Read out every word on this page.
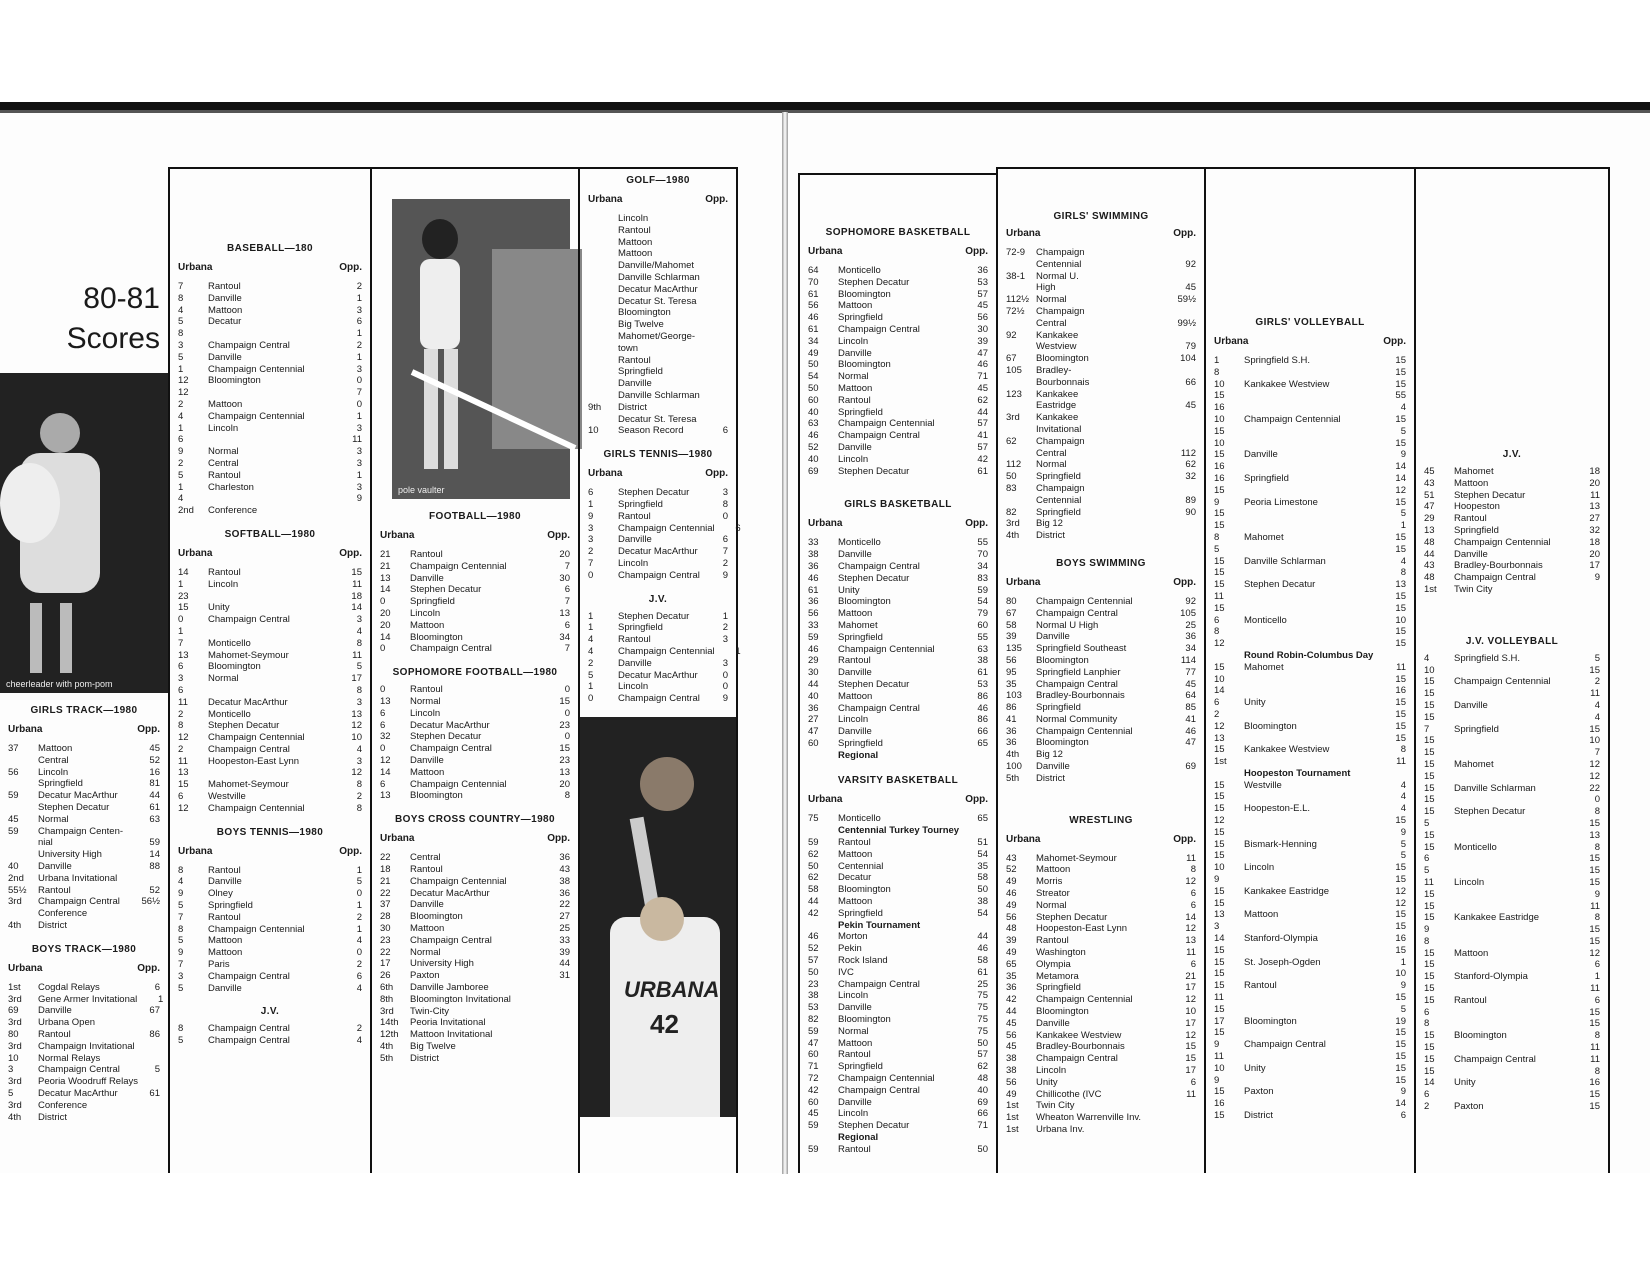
80-81
Scores
cheerleader with pom-pom
GIRLS TRACK—1980
Urbana	Opp.
37	Mattoon	45
Central	52
56	Lincoln	16
Springfield	81
59	Decatur MacArthur	44
Stephen Decatur	61
45	Normal	63
59	Champaign Centen-
nial	59
University High	14
40	Danville	88
2nd	Urbana Invitational
55½	Rantoul	52
3rd	Champaign Central	56½
Conference
4th	District
BOYS TRACK—1980
Urbana	Opp.
1st	Cogdal Relays	6
3rd	Gene Armer Invitational	1
69	Danville	67
3rd	Urbana Open
80	Rantoul	86
3rd	Champaign Invitational
10	Normal Relays
3	Champaign Central	5
3rd	Peoria Woodruff Relays
5	Decatur MacArthur	61
3rd	Conference
4th	District
BASEBALL—180
Urbana	Opp.
7	Rantoul	2
8	Danville	1
4	Mattoon	3
5	Decatur	6
8	1
3	Champaign Central	2
5	Danville	1
1	Champaign Centennial	3
12	Bloomington	0
12	7
2	Mattoon	0
4	Champaign Centennial	1
1	Lincoln	3
6	11
9	Normal	3
2	Central	3
5	Rantoul	1
1	Charleston	3
4	9
2nd	Conference
SOFTBALL—1980
Urbana	Opp.
14	Rantoul	15
1	Lincoln	11
23	18
15	Unity	14
0	Champaign Central	3
1	4
7	Monticello	8
13	Mahomet-Seymour	11
6	Bloomington	5
3	Normal	17
6	8
11	Decatur MacArthur	3
2	Monticello	13
8	Stephen Decatur	12
12	Champaign Centennial	10
2	Champaign Central	4
11	Hoopeston-East Lynn	3
13	12
15	Mahomet-Seymour	8
6	Westville	2
12	Champaign Centennial	8
BOYS TENNIS—1980
Urbana	Opp.
8	Rantoul	1
4	Danville	5
9	Olney	0
5	Springfield	1
7	Rantoul	2
8	Champaign Centennial	1
5	Mattoon	4
9	Mattoon	0
7	Paris	2
3	Champaign Central	6
5	Danville	4
J.V.
8	Champaign Central	2
5	Champaign Central	4
pole vaulter
FOOTBALL—1980
Urbana	Opp.
21	Rantoul	20
21	Champaign Centennial	7
13	Danville	30
14	Stephen Decatur	6
0	Springfield	7
20	Lincoln	13
20	Mattoon	6
14	Bloomington	34
0	Champaign Central	7
SOPHOMORE FOOTBALL—1980
0	Rantoul	0
13	Normal	15
6	Lincoln	0
6	Decatur MacArthur	23
32	Stephen Decatur	0
0	Champaign Central	15
12	Danville	23
14	Mattoon	13
6	Champaign Centennial	20
13	Bloomington	8
BOYS CROSS COUNTRY—1980
Urbana	Opp.
22	Central	36
18	Rantoul	43
21	Champaign Centennial	38
22	Decatur MacArthur	36
37	Danville	22
28	Bloomington	27
30	Mattoon	25
23	Champaign Central	33
22	Normal	39
17	University High	44
26	Paxton	31
6th	Danville Jamboree
8th	Bloomington Invitational
3rd	Twin-City
14th	Peoria Invitational
12th	Mattoon Invitational
4th	Big Twelve
5th	District
GOLF—1980
Urbana	Opp.
Lincoln
Rantoul
Mattoon
Mattoon
Danville/Mahomet
Danville Schlarman
Decatur MacArthur
Decatur St. Teresa
Bloomington
Big Twelve
Mahomet/George-
town
Rantoul
Springfield
Danville
Danville Schlarman
9th	District
Decatur St. Teresa
10	Season Record	6
GIRLS TENNIS—1980
Urbana	Opp.
6	Stephen Decatur	3
1	Springfield	8
9	Rantoul	0
3	Champaign Centennial	6
3	Danville	6
2	Decatur MacArthur	7
7	Lincoln	2
0	Champaign Central	9
J.V.
1	Stephen Decatur	1
1	Springfield	2
4	Rantoul	3
4	Champaign Centennial	1
2	Danville	3
5	Decatur MacArthur	0
1	Lincoln	0
0	Champaign Central	9
URBANA
42
SOPHOMORE BASKETBALL
Urbana	Opp.
64	Monticello	36
70	Stephen Decatur	53
61	Bloomington	57
56	Mattoon	45
46	Springfield	56
61	Champaign Central	30
34	Lincoln	39
49	Danville	47
50	Bloomington	46
54	Normal	71
50	Mattoon	45
60	Rantoul	62
40	Springfield	44
63	Champaign Centennial	57
46	Champaign Central	41
52	Danville	57
40	Lincoln	42
69	Stephen Decatur	61
GIRLS BASKETBALL
Urbana	Opp.
33	Monticello	55
38	Danville	70
36	Champaign Central	34
46	Stephen Decatur	83
61	Unity	59
36	Bloomington	54
56	Mattoon	79
33	Mahomet	60
59	Springfield	55
46	Champaign Centennial	63
29	Rantoul	38
30	Danville	61
44	Stephen Decatur	53
40	Mattoon	86
36	Champaign Central	46
27	Lincoln	86
47	Danville	66
60	Springfield	65
Regional
VARSITY BASKETBALL
Urbana	Opp.
75	Monticello	65
Centennial Turkey Tourney
59	Rantoul	51
62	Mattoon	54
50	Centennial	35
62	Decatur	58
58	Bloomington	50
44	Mattoon	38
42	Springfield	54
Pekin Tournament
46	Morton	44
52	Pekin	46
57	Rock Island	58
50	IVC	61
23	Champaign Central	25
38	Lincoln	75
53	Danville	75
82	Bloomington	75
59	Normal	75
47	Mattoon	50
60	Rantoul	57
71	Springfield	62
72	Champaign Centennial	48
42	Champaign Central	40
60	Danville	69
45	Lincoln	66
59	Stephen Decatur	71
Regional
59	Rantoul	50
GIRLS' SWIMMING
Urbana	Opp.
72-9	Champaign
Centennial	92
38-1	Normal U.
High	45
112½ Normal	59½
72½	Champaign
Central	99½
92	Kankakee
Westview	79
67	Bloomington	104
105	Bradley-
Bourbonnais	66
123	Kankakee
Eastridge	45
3rd	Kankakee
Invitational
62	Champaign
Central	112
112	Normal	62
50	Springfield	32
83	Champaign
Centennial	89
82	Springfield	90
3rd	Big 12
4th	District
BOYS SWIMMING
Urbana	Opp.
80	Champaign Centennial	92
67	Champaign Central	105
58	Normal U High	25
39	Danville	36
135	Springfield Southeast	34
56	Bloomington	114
95	Springfield Lanphier	77
35	Champaign Central	45
103	Bradley-Bourbonnais	64
86	Springfield	85
41	Normal Community	41
36	Champaign Centennial	46
36	Bloomington	47
4th	Big 12
100	Danville	69
5th	District
WRESTLING
Urbana	Opp.
43	Mahomet-Seymour	11
52	Mattoon	8
49	Morris	12
46	Streator	6
49	Normal	6
56	Stephen Decatur	14
48	Hoopeston-East Lynn	12
39	Rantoul	13
49	Washington	11
65	Olympia	6
35	Metamora	21
36	Springfield	17
42	Champaign Centennial	12
44	Bloomington	10
45	Danville	17
56	Kankakee Westview	12
45	Bradley-Bourbonnais	15
38	Champaign Central	15
38	Lincoln	17
56	Unity	6
49	Chillicothe (IVC	11
1st	Twin City
1st	Wheaton Warrenville Inv.
1st	Urbana Inv.
GIRLS' VOLLEYBALL
Urbana	Opp.
1	Springfield S.H.	15
8	15
10	Kankakee Westview	15
15	55
16	4
10	Champaign Centennial	15
15	5
10	15
15	Danville	9
16	14
16	Springfield	14
15	12
9	Peoria Limestone	15
15	5
15	1
8	Mahomet	15
5	15
15	Danville Schlarman	4
15	8
15	Stephen Decatur	13
11	15
15	15
6	Monticello	10
8	15
12	15
Round Robin-Columbus Day
15	Mahomet	11
10	15
14	16
6	Unity	15
2	15
12	Bloomington	15
13	15
15	Kankakee Westview	8
1st	11
Hoopeston Tournament
15	Westville	4
15	4
15	Hoopeston-E.L.	4
12	15
15	9
15	Bismark-Henning	5
15	5
10	Lincoln	15
9	15
15	Kankakee Eastridge	12
15	12
13	Mattoon	15
3	15
14	Stanford-Olympia	16
15	15
15	St. Joseph-Ogden	1
15	10
15	Rantoul	9
11	15
15	5
17	Bloomington	19
15	15
9	Champaign Central	15
11	15
10	Unity	15
9	15
15	Paxton	9
16	14
15	District	6
J.V.
45	Mahomet	18
43	Mattoon	20
51	Stephen Decatur	11
47	Hoopeston	13
29	Rantoul	27
13	Springfield	32
48	Champaign Centennial	18
44	Danville	20
43	Bradley-Bourbonnais	17
48	Champaign Central	9
1st	Twin City
J.V. VOLLEYBALL
4	Springfield S.H.	5
10	15
15	Champaign Centennial	2
15	11
15	Danville	4
15	4
7	Springfield	15
15	10
15	7
15	Mahomet	12
15	12
15	Danville Schlarman	22
15	0
15	Stephen Decatur	8
5	15
15	13
15	Monticello	8
6	15
5	15
11	Lincoln	15
15	9
15	11
15	Kankakee Eastridge	8
9	15
8	15
15	Mattoon	12
15	6
15	Stanford-Olympia	1
15	11
15	Rantoul	6
6	15
8	15
15	Bloomington	8
15	11
15	Champaign Central	11
15	8
14	Unity	16
6	15
2	Paxton	15
